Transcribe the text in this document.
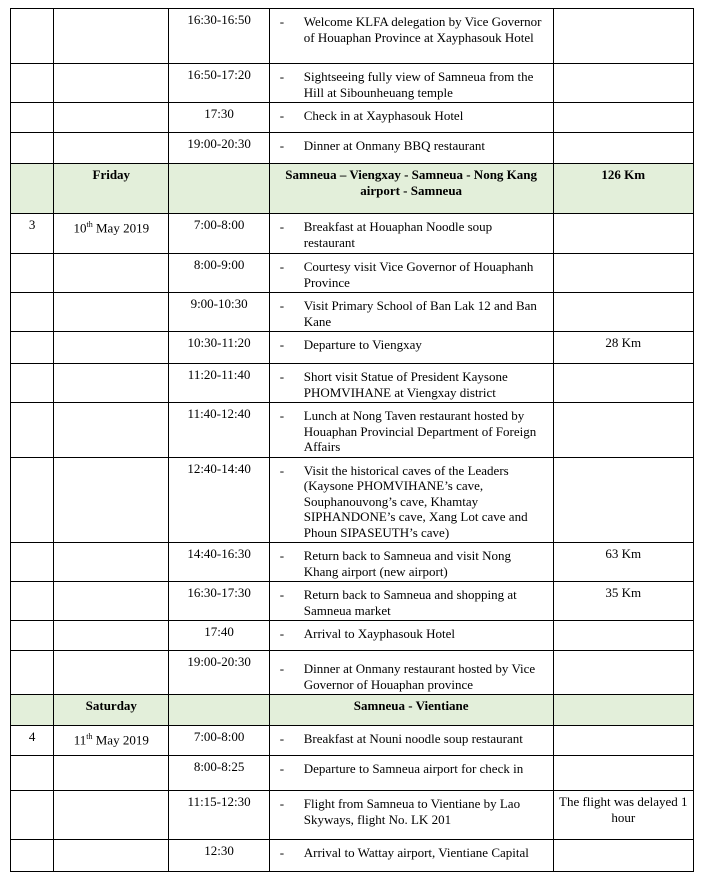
		16:30-16:50	- Welcome KLFA delegation by Vice Governor of Houaphan Province at Xayphasouk Hotel	

		16:50-17:20	- Sightseeing fully view of Samneua from the Hill at Sibounheuang temple	

		17:30	- Check in at Xayphasouk Hotel	

		19:00-20:30	- Dinner at Onmany BBQ restaurant	

	Friday		Samneua – Viengxay - Samneua - Nong Kang airport - Samneua	126 Km
3	10th May 2019	7:00-8:00	- Breakfast at Houaphan Noodle soup restaurant	

		8:00-9:00	- Courtesy visit Vice Governor of Houaphanh Province	

		9:00-10:30	- Visit Primary School of Ban Lak 12 and Ban Kane	

		10:30-11:20	- Departure to Viengxay	28 Km
		11:20-11:40	- Short visit Statue of President Kaysone PHOMVIHANE at Viengxay district	

		11:40-12:40	- Lunch at Nong Taven restaurant hosted by Houaphan Provincial Department of Foreign Affairs	

		12:40-14:40	- Visit the historical caves of the Leaders (Kaysone PHOMVIHANE’s cave, Souphanouvong’s cave, Khamtay SIPHANDONE’s cave, Xang Lot cave and Phoun SIPASEUTH’s cave)	

		14:40-16:30	- Return back to Samneua and visit Nong Khang airport (new airport)	63 Km
		16:30-17:30	- Return back to Samneua and shopping at Samneua market	35 Km
		17:40	- Arrival to Xayphasouk Hotel	

		19:00-20:30	- Dinner at Onmany restaurant hosted by Vice Governor of Houaphan province	

	Saturday		Samneua - Vientiane	
4	11th May 2019	7:00-8:00	- Breakfast at Nouni noodle soup restaurant	

		8:00-8:25	- Departure to Samneua airport for check in	

		11:15-12:30	- Flight from Samneua to Vientiane by Lao Skyways, flight No. LK 201	The flight was delayed 1 hour
		12:30	- Arrival to Wattay airport, Vientiane Capital	
